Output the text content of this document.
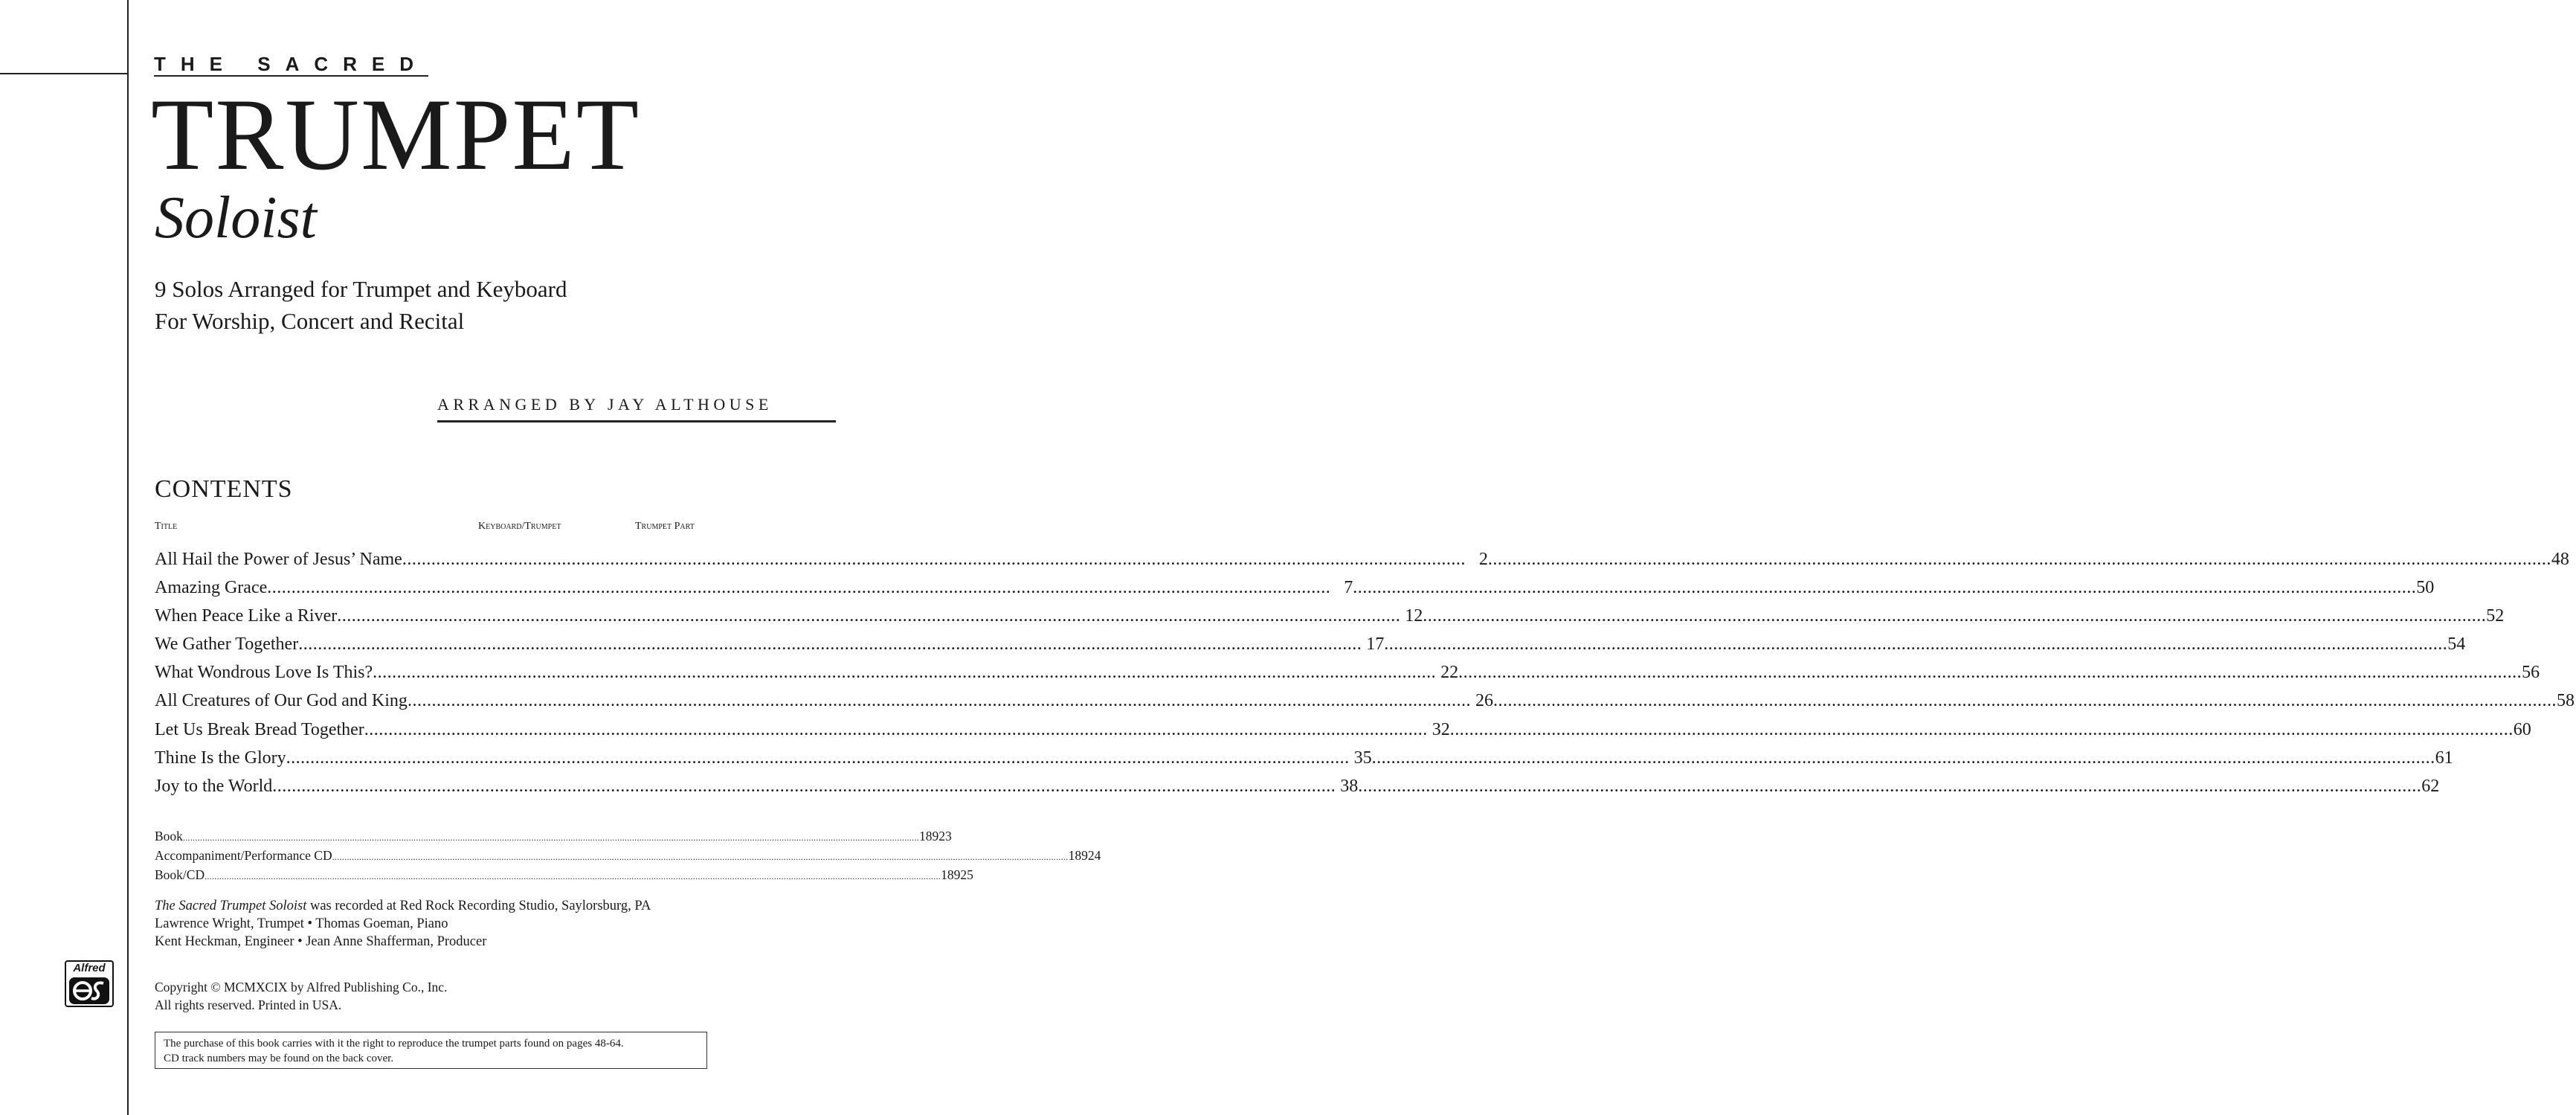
THE SACRED
TRUMPET
Soloist
9 Solos Arranged for Trumpet and Keyboard
For Worship, Concert and Recital
ARRANGED BY JAY ALTHOUSE
CONTENTS
Title	Keyboard/Trumpet	Trumpet Part
All Hail the Power of Jesus’ Name ............................................................................................................................................................................................................................ 2 ............................................................................................................................................................................................................................ 48
Amazing Grace ............................................................................................................................................................................................................................ 7 ............................................................................................................................................................................................................................ 50
When Peace Like a River ............................................................................................................................................................................................................................ 12 ............................................................................................................................................................................................................................ 52
We Gather Together ............................................................................................................................................................................................................................ 17 ............................................................................................................................................................................................................................ 54
What Wondrous Love Is This? ............................................................................................................................................................................................................................ 22 ............................................................................................................................................................................................................................ 56
All Creatures of Our God and King ............................................................................................................................................................................................................................ 26 ............................................................................................................................................................................................................................ 58
Let Us Break Bread Together ............................................................................................................................................................................................................................ 32 ............................................................................................................................................................................................................................ 60
Thine Is the Glory ............................................................................................................................................................................................................................ 35 ............................................................................................................................................................................................................................ 61
Joy to the World ............................................................................................................................................................................................................................ 38 ............................................................................................................................................................................................................................ 62
Book ............................................................................................................................................................................................................................................................................................................ 18923
Accompaniment/Performance CD ............................................................................................................................................................................................................................................................................................................ 18924
Book/CD ............................................................................................................................................................................................................................................................................................................ 18925
The Sacred Trumpet Soloist was recorded at Red Rock Recording Studio, Saylorsburg, PA
Lawrence Wright, Trumpet • Thomas Goeman, Piano
Kent Heckman, Engineer • Jean Anne Shafferman, Producer
Alfred
Copyright © MCMXCIX by Alfred Publishing Co., Inc.
All rights reserved. Printed in USA.
The purchase of this book carries with it the right to reproduce the trumpet parts found on pages 48-64.
CD track numbers may be found on the back cover.
